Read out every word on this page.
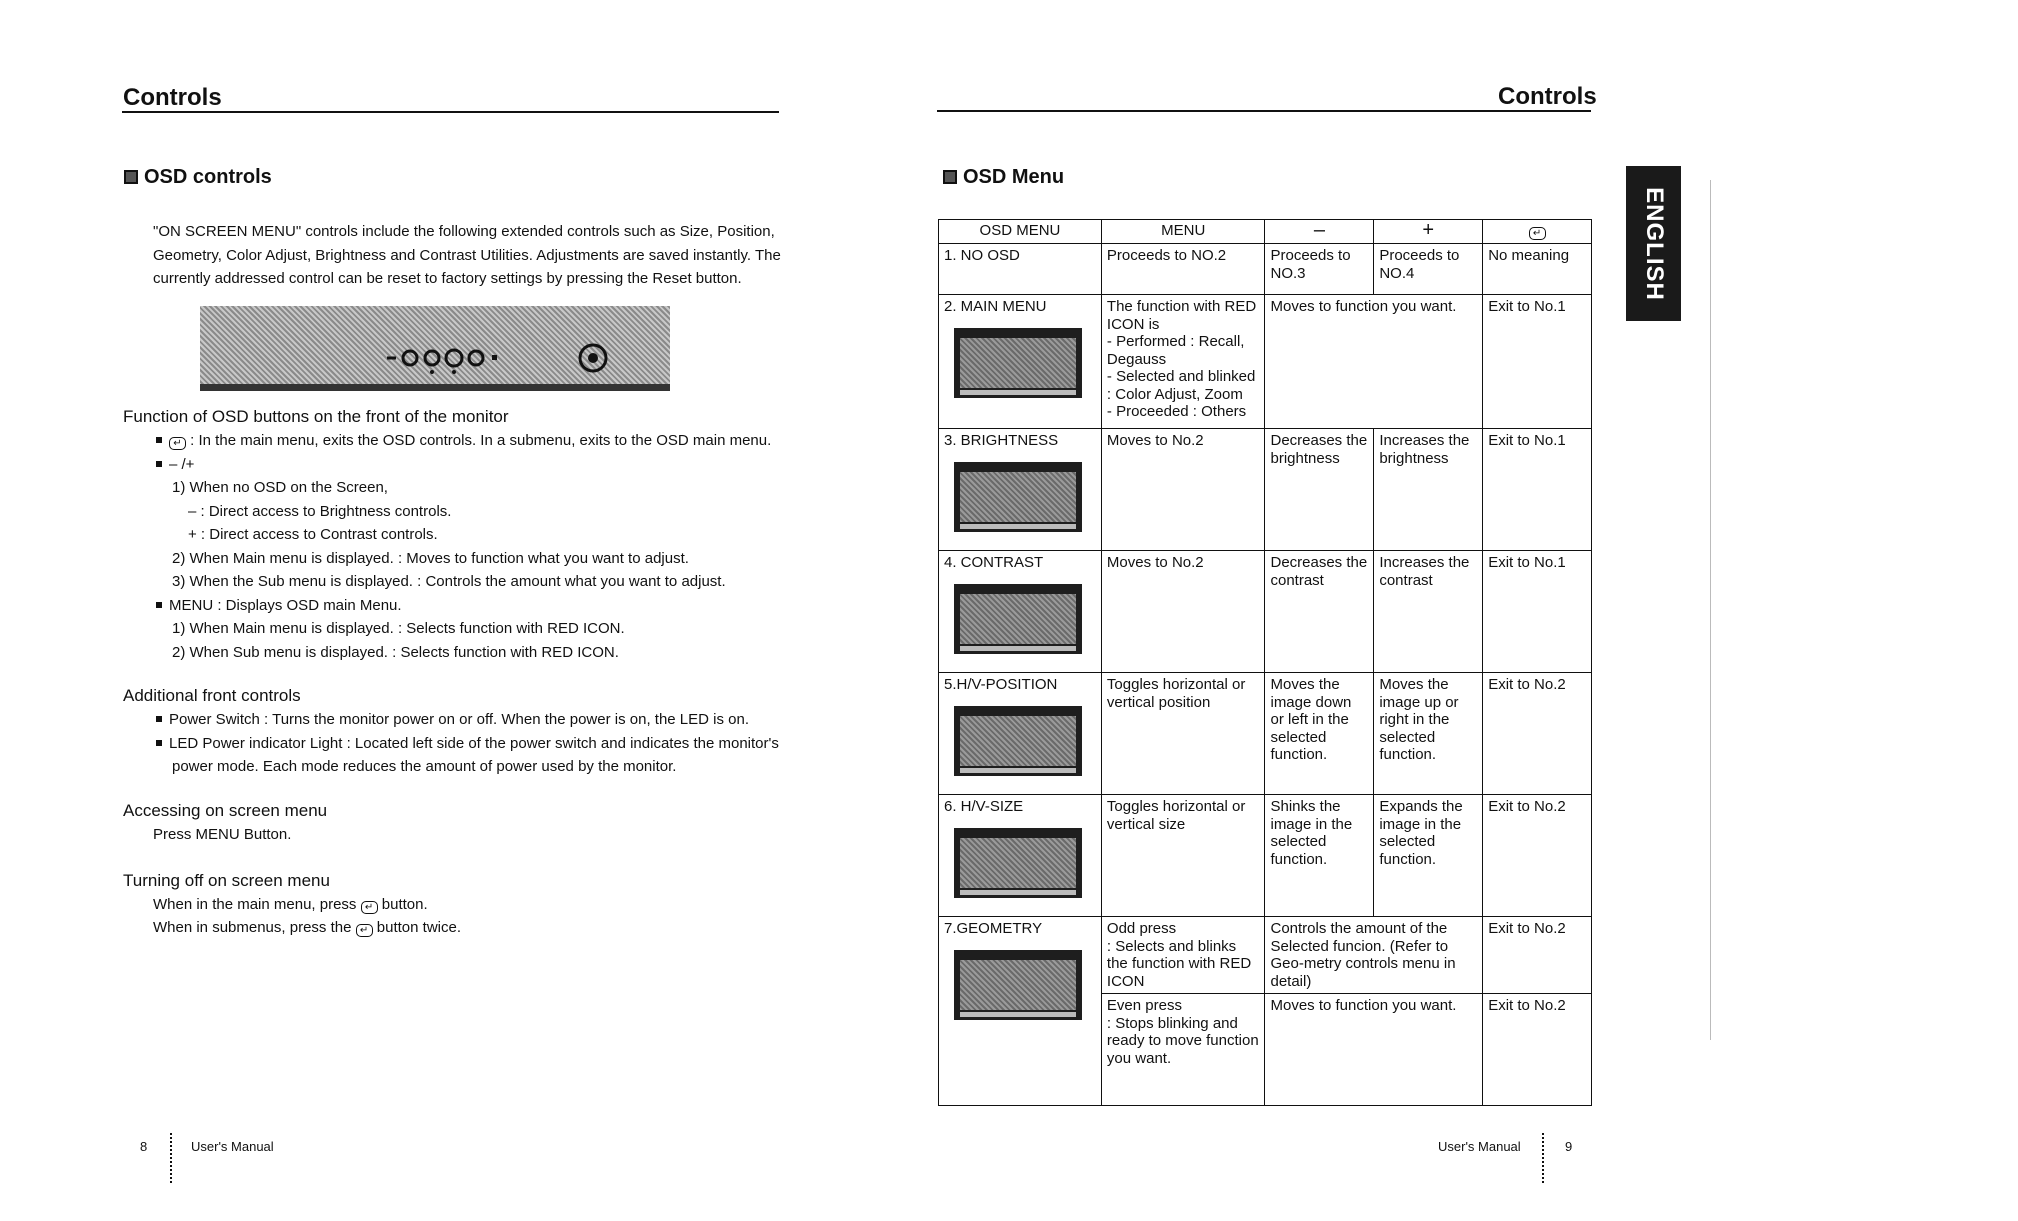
Controls
OSD controls
"ON SCREEN MENU" controls include the following extended controls such as Size, Position,
Geometry, Color Adjust, Brightness and Contrast Utilities. Adjustments are saved instantly. The
currently addressed control can be reset to factory settings by pressing the Reset button.
Function of OSD buttons on the front of the monitor
↵ : In the main menu, exits the OSD controls. In a submenu, exits to the OSD main menu.
– /+
1) When no OSD on the Screen,
– : Direct access to Brightness controls.
+ : Direct access to Contrast controls.
2) When Main menu is displayed. : Moves to function what you want to adjust.
3) When the Sub menu is displayed. : Controls the amount what you want to adjust.
MENU : Displays OSD main Menu.
1) When Main menu is displayed. : Selects function with RED ICON.
2) When Sub menu is displayed. : Selects function with RED ICON.
Additional front controls
Power Switch : Turns the monitor power on or off. When the power is on, the LED is on.
LED Power indicator Light : Located left side of the power switch and indicates the monitor's
power mode. Each mode reduces the amount of power used by the monitor.
Accessing on screen menu
Press MENU Button.
Turning off on screen menu
When in the main menu, press ↵ button.
When in submenus, press the ↵ button twice.
8	User's Manual
Controls
OSD Menu
ENGLISH
OSD MENU	MENU	–	+	↵
1. NO OSD	Proceeds to NO.2	Proceeds to NO.3	Proceeds to NO.4	No meaning

2. MAIN MENU	The function with RED ICON is
- Performed : Recall, Degauss
- Selected and blinked
: Color Adjust, Zoom
- Proceeded : Others	Moves to function you want.		Exit to No.1

3. BRIGHTNESS	Moves to No.2	Decreases the brightness	Increases the brightness	Exit to No.1

4. CONTRAST	Moves to No.2	Decreases the contrast	Increases the contrast	Exit to No.1

5.H/V-POSITION	Toggles horizontal or vertical position	Moves the image down or left in the selected function.	Moves the image up or right in the selected function.	Exit to No.2

6. H/V-SIZE	Toggles horizontal or vertical size	Shinks the image in the selected function.	Expands the image in the selected function.	Exit to No.2

7.GEOMETRY	Odd press
: Selects and blinks the function with RED ICON	Controls the amount of the Selected funcion. (Refer to Geo-metry controls menu in detail)		Exit to No.2
	Even press
: Stops blinking and ready to move function you want.	Moves to function you want.		Exit to No.2
User's Manual	9
